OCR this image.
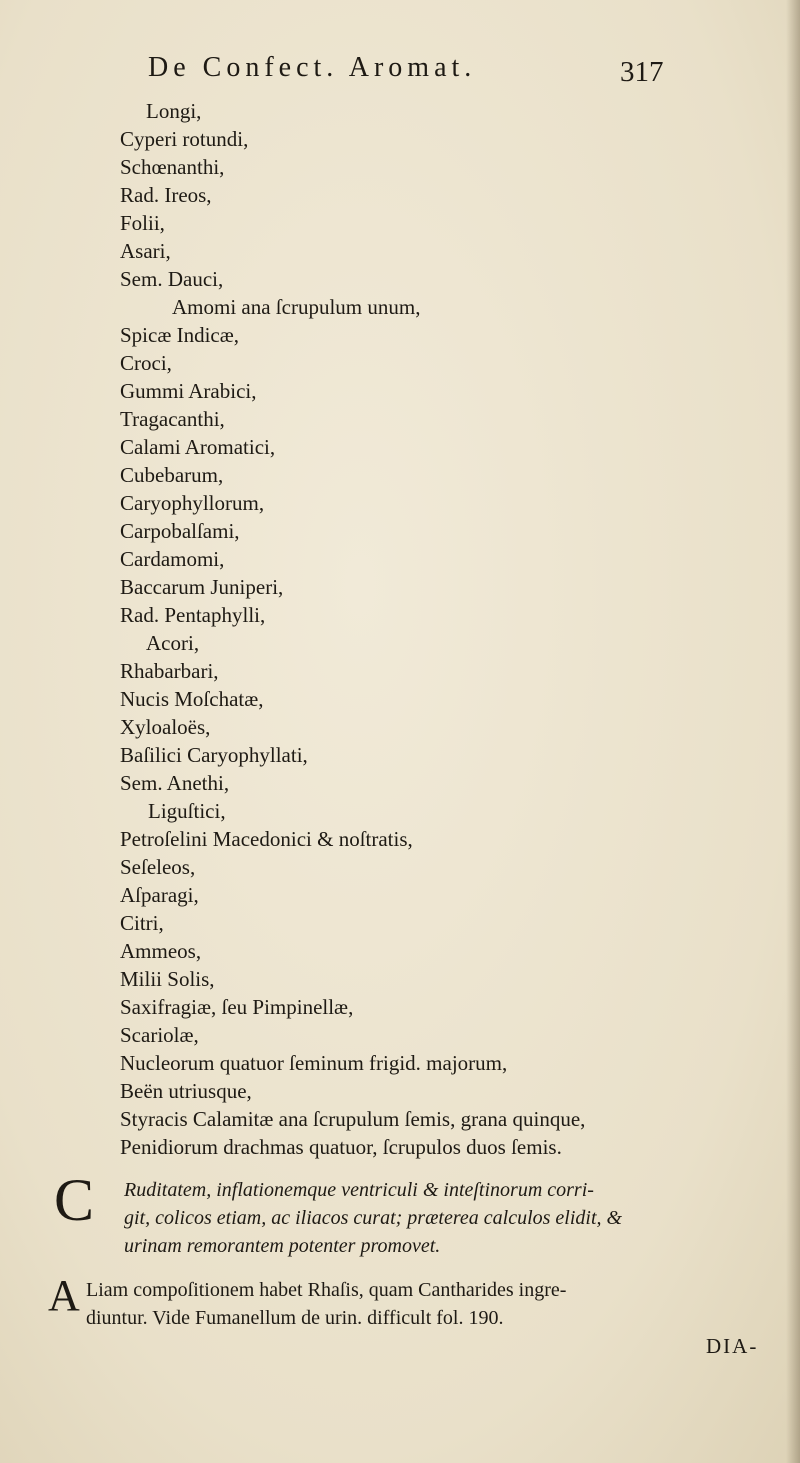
De Confect. Aromat.	317
Longi,
Cyperi rotundi,
Schœnanthi,
Rad. Ireos,
Folii,
Asari,
Sem. Dauci,
Amomi ana ſcrupulum unum,
Spicæ Indicæ,
Croci,
Gummi Arabici,
Tragacanthi,
Calami Aromatici,
Cubebarum,
Caryophyllorum,
Carpobalſami,
Cardamomi,
Baccarum Juniperi,
Rad. Pentaphylli,
Acori,
Rhabarbari,
Nucis Moſchatæ,
Xyloaloës,
Baſilici Caryophyllati,
Sem. Anethi,
Liguſtici,
Petroſelini Macedonici & noſtratis,
Seſeleos,
Aſparagi,
Citri,
Ammeos,
Milii Solis,
Saxifragiæ, ſeu Pimpinellæ,
Scariolæ,
Nucleorum quatuor ſeminum frigid. majorum,
Beën utriusque,
Styracis Calamitæ ana ſcrupulum ſemis, grana quinque,
Penidiorum drachmas quatuor, ſcrupulos duos ſemis.
C Ruditatem, inflationemque ventriculi & inteſtinorum corri-

git, colicos etiam, ac iliacos curat; præterea calculos elidit, &

urinam remorantem potenter promovet.

A Liam compoſitionem habet Rhaſis, quam Cantharides ingre-

diuntur. Vide Fumanellum de urin. difficult fol. 190.

DIA-
